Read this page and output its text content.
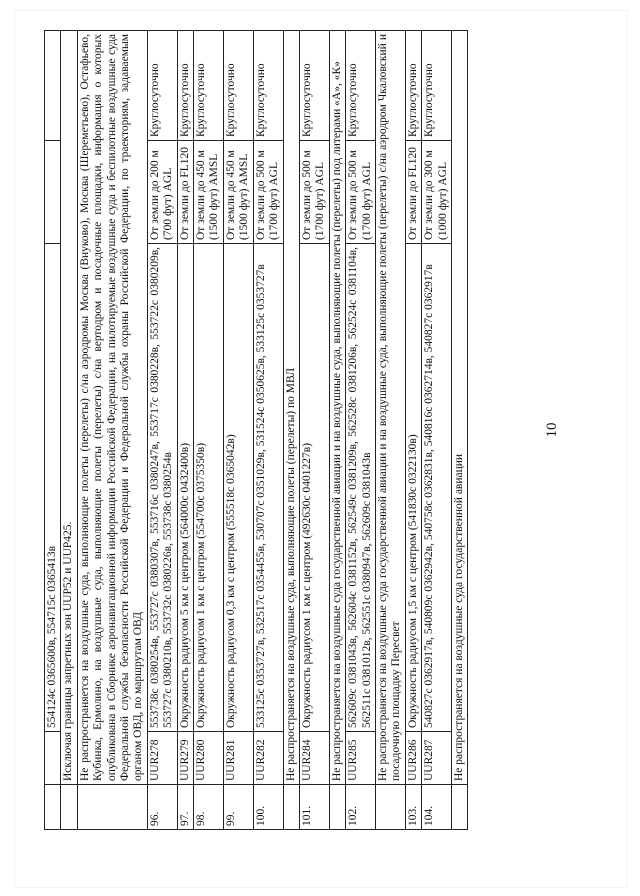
10
		554124с 0365600в, 554715с 0365413в		
	Исключая границы запретных зон UUP52 и UUP425.			
	Не распространяется на воздушные суда, выполняющие полеты (перелеты) с/на аэродромы Москва (Внуково), Москва (Шереметьево), Остафьево, Кубинка, Ермолино, на воздушные суда, выполняющие полеты (перелеты) с/на вертодром и посадочные площадки, информация о которых опубликована в Сборнике аэронавигационной информации Российской Федерации, на пилотируемые воздушные суда и беспилотные воздушные суда Федеральной службы безопасности Российской Федерации и Федеральной службы охраны Российской Федерации, по траекториям, задаваемым органом ОВД, по маршрутам ОВД			
96.	UUR278	553738с 0380254в, 553727с 0380307в, 553716с 0380247в, 553717с 0380228в, 553722с 0380209в, 553727с 0380210в, 553732с 0380226в, 553738с 0380254в	От земли до 200 м (700 фут) AGL	Круглосуточно
97.	UUR279	Окружность радиусом 5 км с центром (564000с 0432400в)	От земли до FL120	Круглосуточно
98.	UUR280	Окружность радиусом 1 км с центром (554700с 0375350в)	От земли до 450 м (1500 фут) AMSL	Круглосуточно
99.	UUR281	Окружность радиусом 0,3 км с центром (555518с 0365042в)	От земли до 450 м (1500 фут) AMSL	Круглосуточно
100.	UUR282	533125с 0353727в, 532517с 0354455в, 530707с 0351029в, 531524с 0350625в, 533125с 0353727в	От земли до 500 м (1700 фут) AGL	Круглосуточно
	Не распространяется на воздушные суда, выполняющие полеты (перелеты) по МВЛ			
101.	UUR284	Окружность радиусом 1 км с центром (492630с 0401227в)	От земли до 500 м (1700 фут) AGL	Круглосуточно
	Не распространяется на воздушные суда государственной авиации и на воздушные суда, выполняющие полеты (перелеты) под литерами «А», «К»			
102.	UUR285	562609с 0381043в, 562604с 0381152в, 562549с 0381209в, 562528с 0381206в, 562524с 0381104в, 562511с 0381012в, 562551с 0380947в, 562609с 0381043в	От земли до 500 м (1700 фут) AGL	Круглосуточно
	Не распространяется на воздушные суда государственной авиации и на воздушные суда, выполняющие полеты (перелеты) с/на аэродром Чкаловский и посадочную площадку Пересвет			
103.	UUR286	Окружность радиусом 1,5 км с центром (541830с 0322130в)	От земли до FL120	Круглосуточно
104.	UUR287	540827с 0362917в, 540809с 0362942в, 540758с 0362831в, 540816с 0362714в, 540827с 0362917в	От земли до 300 м (1000 фут) AGL	Круглосуточно
	Не распространяется на воздушные суда государственной авиации			
